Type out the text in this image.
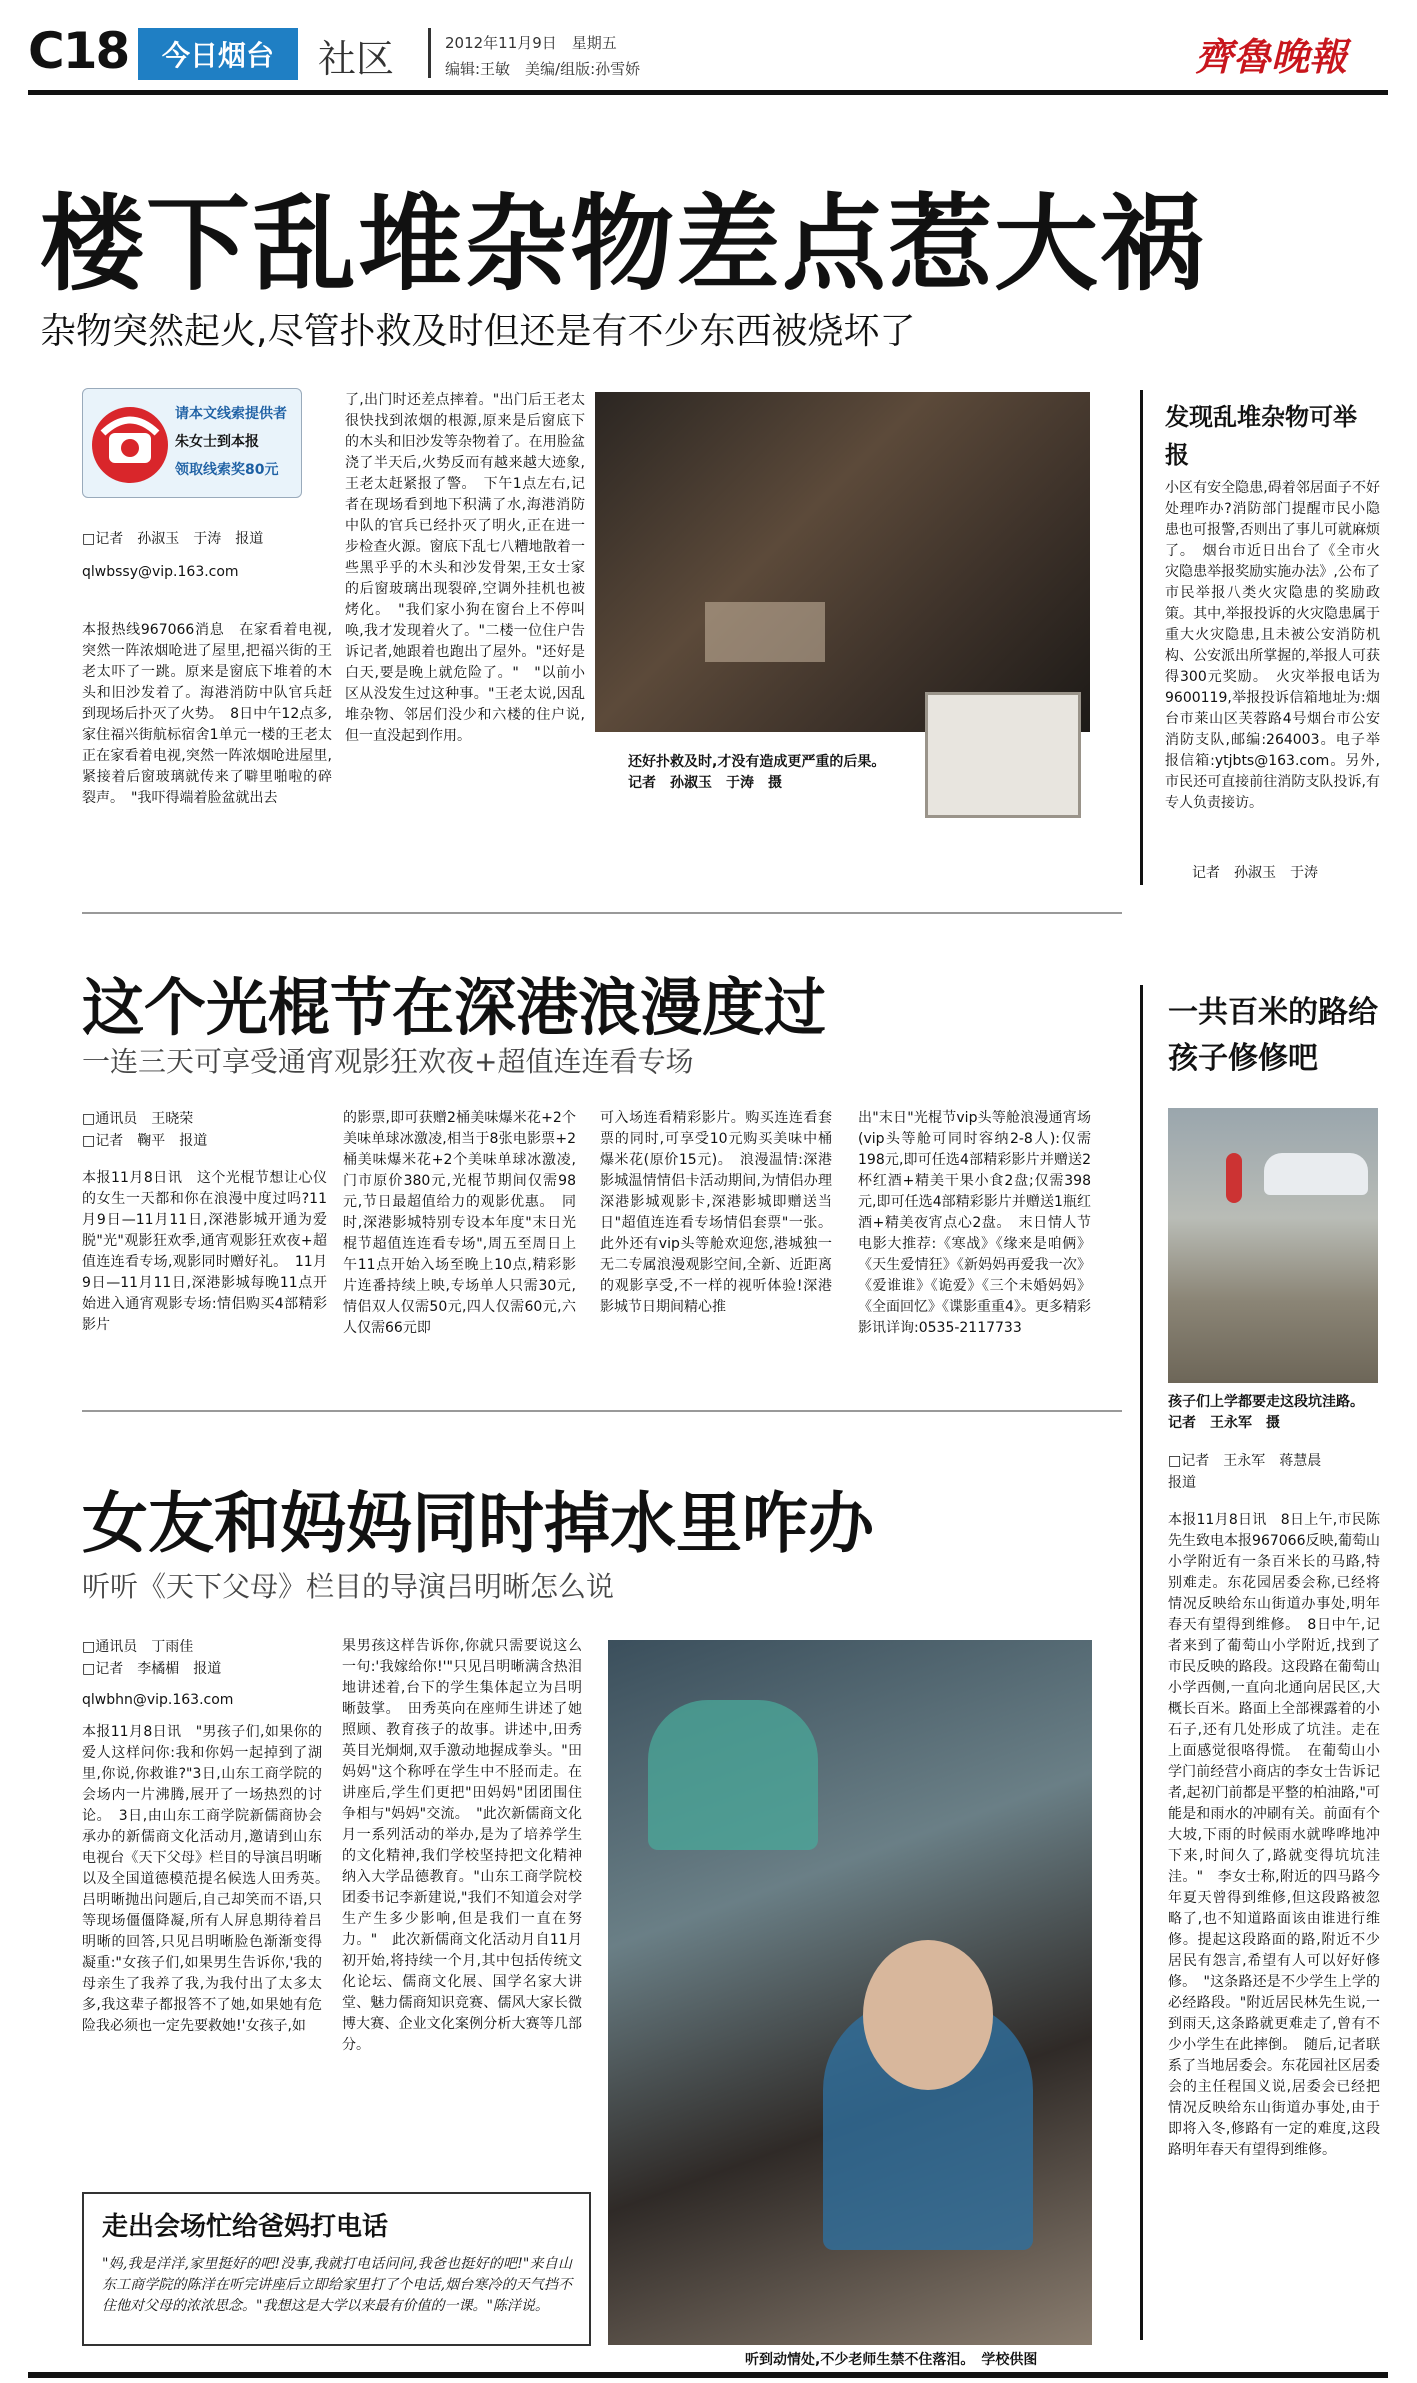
C18	今日烟台	社区	2012年11月9日　星期五
编辑:王敏　美编/组版:孙雪娇	齊魯晚報
楼下乱堆杂物差点惹大祸
杂物突然起火,尽管扑救及时但还是有不少东西被烧坏了
请本文线索提供者
朱女士到本报
领取线索奖80元
□记者　孙淑玉　于涛　报道
qlwbssy@vip.163.com
本报热线967066消息　在家看着电视,突然一阵浓烟呛进了屋里,把福兴街的王老太吓了一跳。原来是窗底下堆着的木头和旧沙发着了。海港消防中队官兵赶到现场后扑灭了火势。　8日中午12点多,家住福兴街航标宿舍1单元一楼的王老太正在家看着电视,突然一阵浓烟呛进屋里,紧接着后窗玻璃就传来了噼里啪啦的碎裂声。　"我吓得端着脸盆就出去
了,出门时还差点摔着。"出门后王老太很快找到浓烟的根源,原来是后窗底下的木头和旧沙发等杂物着了。在用脸盆浇了半天后,火势反而有越来越大迹象,王老太赶紧报了警。　下午1点左右,记者在现场看到地下积满了水,海港消防中队的官兵已经扑灭了明火,正在进一步检查火源。窗底下乱七八糟地散着一些黑乎乎的木头和沙发骨架,王女士家的后窗玻璃出现裂碎,空调外挂机也被烤化。　"我们家小狗在窗台上不停叫唤,我才发现着火了。"二楼一位住户告诉记者,她跟着也跑出了屋外。"还好是白天,要是晚上就危险了。"　"以前小区从没发生过这种事。"王老太说,因乱堆杂物、邻居们没少和六楼的住户说,但一直没起到作用。
还好扑救及时,才没有造成更严重的后果。　记者　孙淑玉　于涛　摄
发现乱堆杂物可举报
小区有安全隐患,碍着邻居面子不好处理咋办?消防部门提醒市民小隐患也可报警,否则出了事儿可就麻烦了。　烟台市近日出台了《全市火灾隐患举报奖励实施办法》,公布了市民举报八类火灾隐患的奖励政策。其中,举报投诉的火灾隐患属于重大火灾隐患,且未被公安消防机构、公安派出所掌握的,举报人可获得300元奖励。　火灾举报电话为9600119,举报投诉信箱地址为:烟台市莱山区芙蓉路4号烟台市公安消防支队,邮编:264003。电子举报信箱:ytjbts@163.com。另外,市民还可直接前往消防支队投诉,有专人负责接访。
记者　孙淑玉　于涛
这个光棍节在深港浪漫度过
一连三天可享受通宵观影狂欢夜+超值连连看专场
□通讯员　王晓荣
□记者　鞠平　报道
本报11月8日讯　这个光棍节想让心仪的女生一天都和你在浪漫中度过吗?11月9日—11月11日,深港影城开通为爱脱"光"观影狂欢季,通宵观影狂欢夜+超值连连看专场,观影同时赠好礼。　11月9日—11月11日,深港影城每晚11点开始进入通宵观影专场:情侣购买4部精彩影片
的影票,即可获赠2桶美味爆米花+2个美味单球冰激凌,相当于8张电影票+2桶美味爆米花+2个美味单球冰激凌,门市原价380元,光棍节期间仅需98元,节日最超值给力的观影优惠。　同时,深港影城特别专设本年度"末日光棍节超值连连看专场",周五至周日上午11点开始入场至晚上10点,精彩影片连番持续上映,专场单人只需30元,情侣双人仅需50元,四人仅需60元,六人仅需66元即
可入场连看精彩影片。购买连连看套票的同时,可享受10元购买美味中桶爆米花(原价15元)。　浪漫温情:深港影城温情情侣卡活动期间,为情侣办理深港影城观影卡,深港影城即赠送当日"超值连连看专场情侣套票"一张。此外还有vip头等舱欢迎您,港城独一无二专属浪漫观影空间,全新、近距离的观影享受,不一样的视听体验!深港影城节日期间精心推
出"末日"光棍节vip头等舱浪漫通宵场(vip头等舱可同时容纳2-8人):仅需198元,即可任选4部精彩影片并赠送2杯红酒+精美干果小食2盘;仅需398元,即可任选4部精彩影片并赠送1瓶红酒+精美夜宵点心2盘。　末日情人节电影大推荐:《寒战》《缘来是咱俩》《天生爱情狂》《新妈妈再爱我一次》《爱谁谁》《诡爱》《三个未婚妈妈》《全面回忆》《谍影重重4》。更多精彩影讯详询:0535-2117733
一共百米的路给孩子修修吧
孩子们上学都要走这段坑洼路。　记者　王永军　摄
□记者　王永军　蒋慧晨
报道
本报11月8日讯　8日上午,市民陈先生致电本报967066反映,葡萄山小学附近有一条百米长的马路,特别难走。东花园居委会称,已经将情况反映给东山街道办事处,明年春天有望得到维修。　8日中午,记者来到了葡萄山小学附近,找到了市民反映的路段。这段路在葡萄山小学西侧,一直向北通向居民区,大概长百米。路面上全部裸露着的小石子,还有几处形成了坑洼。走在上面感觉很咯得慌。　在葡萄山小学门前经营小商店的李女士告诉记者,起初门前都是平整的柏油路,"可能是和雨水的冲刷有关。前面有个大坡,下雨的时候雨水就哗哗地冲下来,时间久了,路就变得坑坑洼洼。"　李女士称,附近的四马路今年夏天曾得到维修,但这段路被忽略了,也不知道路面该由谁进行维修。提起这段路面的路,附近不少居民有怨言,希望有人可以好好修修。　"这条路还是不少学生上学的必经路段。"附近居民林先生说,一到雨天,这条路就更难走了,曾有不少小学生在此摔倒。　随后,记者联系了当地居委会。东花园社区居委会的主任程国义说,居委会已经把情况反映给东山街道办事处,由于即将入冬,修路有一定的难度,这段路明年春天有望得到维修。
女友和妈妈同时掉水里咋办
听听《天下父母》栏目的导演吕明晰怎么说
□通讯员　丁雨佳
□记者　李橘楣　报道
qlwbhn@vip.163.com
本报11月8日讯　"男孩子们,如果你的爱人这样问你:我和你妈一起掉到了湖里,你说,你救谁?"3日,山东工商学院的会场内一片沸腾,展开了一场热烈的讨论。　3日,由山东工商学院新儒商协会承办的新儒商文化活动月,邀请到山东电视台《天下父母》栏目的导演吕明晰以及全国道德模范提名候选人田秀英。　吕明晰抛出问题后,自己却笑而不语,只等现场僵僵降凝,所有人屏息期待着吕明晰的回答,只见吕明晰脸色渐渐变得凝重:"女孩子们,如果男生告诉你,'我的母亲生了我养了我,为我付出了太多太多,我这辈子都报答不了她,如果她有危险我必须也一定先要救她!'女孩子,如
果男孩这样告诉你,你就只需要说这么一句:'我嫁给你!'"只见吕明晰满含热泪地讲述着,台下的学生集体起立为吕明晰鼓掌。　田秀英向在座师生讲述了她照顾、教育孩子的故事。讲述中,田秀英目光炯炯,双手激动地握成拳头。"田妈妈"这个称呼在学生中不胫而走。在讲座后,学生们更把"田妈妈"团团围住争相与"妈妈"交流。　"此次新儒商文化月一系列活动的举办,是为了培养学生的文化精神,我们学校坚持把文化精神纳入大学品德教育。"山东工商学院校团委书记李新建说,"我们不知道会对学生产生多少影响,但是我们一直在努力。"　此次新儒商文化活动月自11月初开始,将持续一个月,其中包括传统文化论坛、儒商文化展、国学名家大讲堂、魅力儒商知识竞赛、儒风大家长微博大赛、企业文化案例分析大赛等几部分。
听到动情处,不少老师生禁不住落泪。　学校供图
走出会场忙给爸妈打电话
"妈,我是洋洋,家里挺好的吧!没事,我就打电话问问,我爸也挺好的吧!"来自山东工商学院的陈洋在听完讲座后立即给家里打了个电话,烟台寒冷的天气挡不住他对父母的浓浓思念。"我想这是大学以来最有价值的一课。"陈洋说。
